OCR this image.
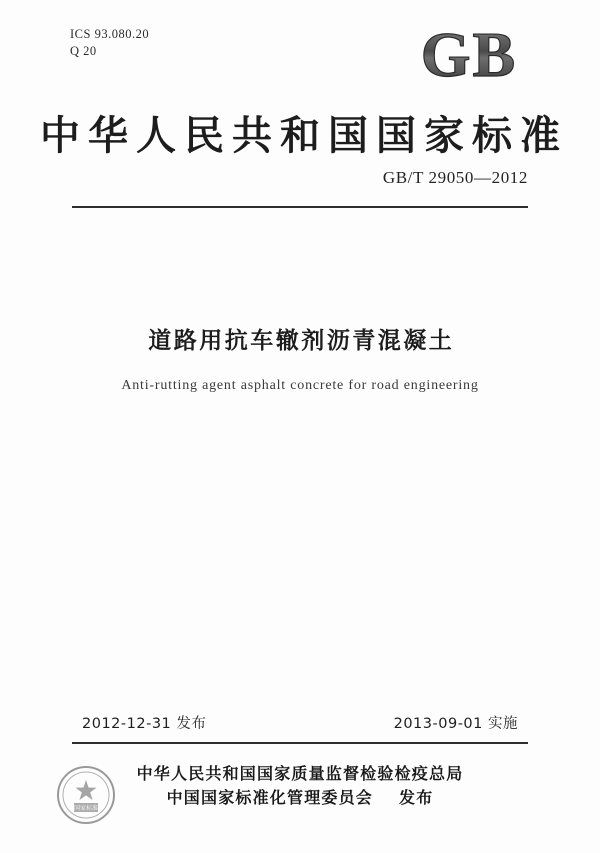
ICS 93.080.20
Q 20	GB
中华人民共和国国家标准
GB/T 29050—2012
道路用抗车辙剂沥青混凝土
Anti-rutting agent asphalt concrete for road engineering
2012-12-31 发布	2013-09-01 实施
国家标准
中华人民共和国国家质量监督检验检疫总局
中国国家标准化管理委员会 发布
